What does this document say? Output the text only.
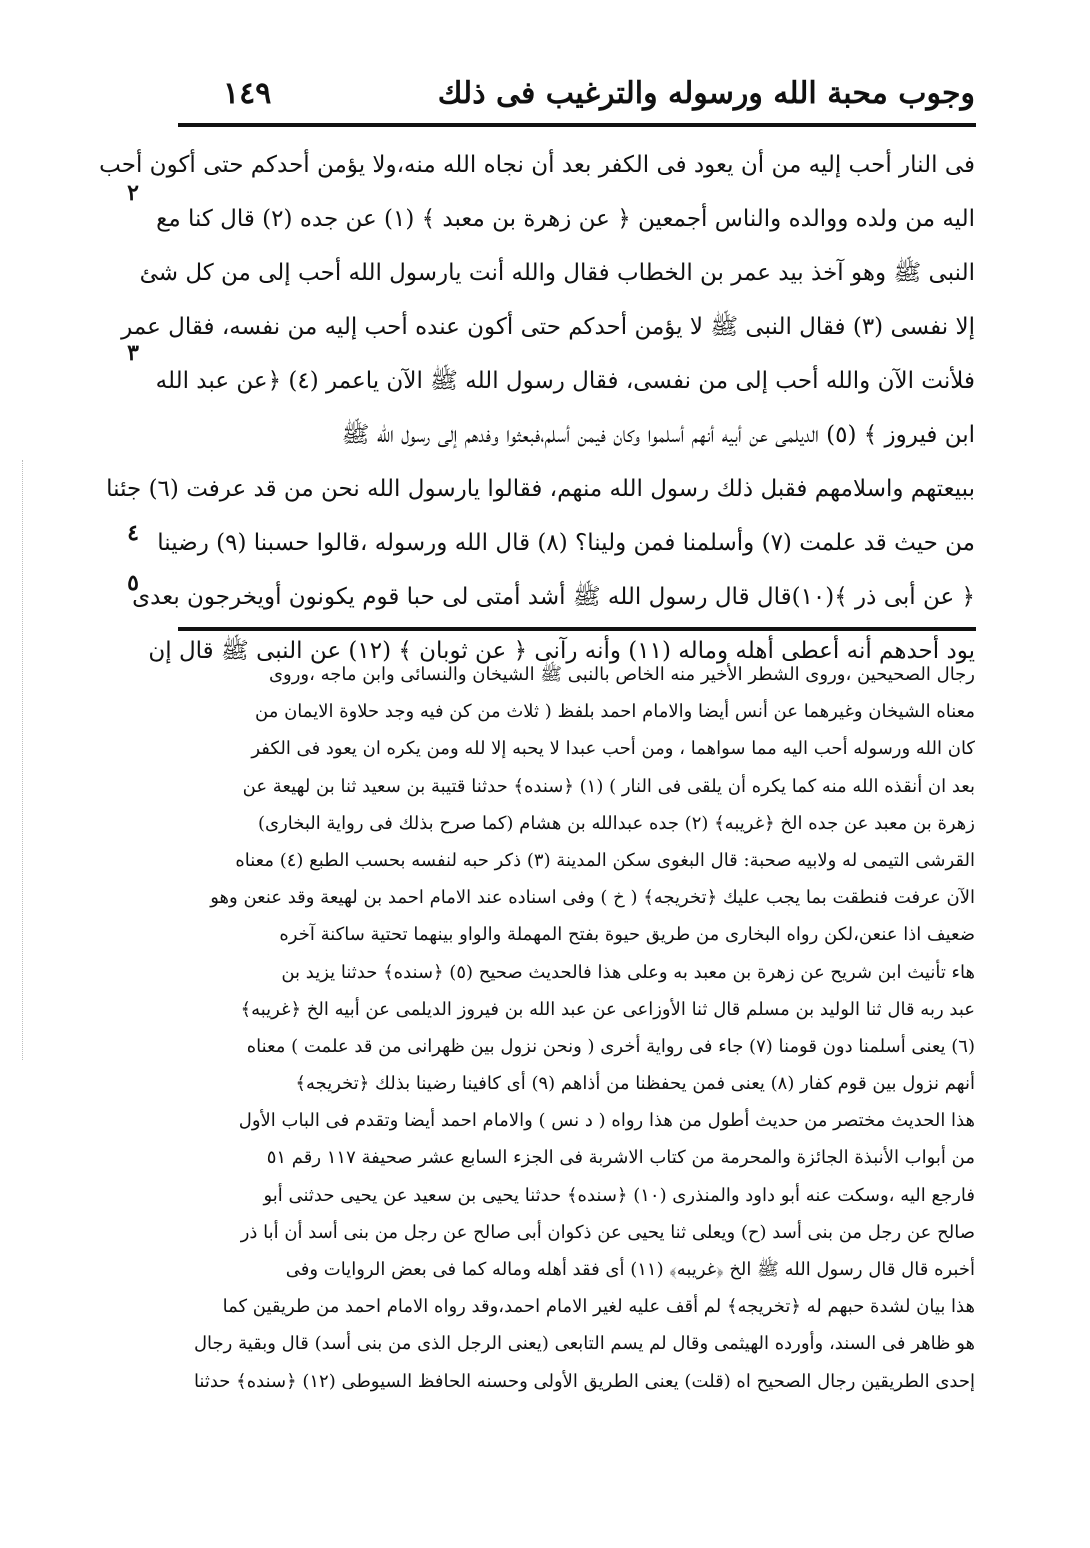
وجوب محبة الله ورسوله والترغيب فى ذلك
١٤٩
٢
٣
٤
٥
فى النار أحب إليه من أن يعود فى الكفر بعد أن نجاه الله منه،ولا يؤمن أحدكم حتى أكون أحب
اليه من ولده ووالده والناس أجمعين ﴿ عن زهرة بن معبد ﴾ (١) عن جده (٢) قال كنا مع
النبى ﷺ وهو آخذ بيد عمر بن الخطاب فقال والله أنت يارسول الله أحب إلى من كل شئ
إلا نفسى (٣) فقال النبى ﷺ لا يؤمن أحدكم حتى أكون عنده أحب إليه من نفسه، فقال عمر
فلأنت الآن والله أحب إلى من نفسى، فقال رسول الله ﷺ الآن ياعمر (٤) ﴿عن عبد الله
ابن فيروز ﴾ (٥) الديلمى عن أبيه أنهم أسلموا وكان فيمن أسلم،فبعثوا وفدهم إلى رسول الله ﷺ
ببيعتهم واسلامهم فقبل ذلك رسول الله منهم، فقالوا يارسول الله نحن من قد عرفت (٦) جئنا
من حيث قد علمت (٧) وأسلمنا فمن ولينا؟ (٨) قال الله ورسوله ،قالوا حسبنا (٩) رضينا
﴿ عن أبى ذر ﴾(١٠)قال قال رسول الله ﷺ أشد أمتى لى حبا قوم يكونون أويخرجون بعدى
يود أحدهم أنه أعطى أهله وماله (١١) وأنه رآنى ﴿ عن ثوبان ﴾ (١٢) عن النبى ﷺ قال إن
رجال الصحيحين ،وروى الشطر الأخير منه الخاص بالنبى ﷺ الشيخان والنسائى وابن ماجه ،وروى
معناه الشيخان وغيرهما عن أنس أيضا والامام احمد بلفظ ( ثلاث من كن فيه وجد حلاوة الايمان من
كان الله ورسوله أحب اليه مما سواهما ، ومن أحب عبدا لا يحبه إلا لله ومن يكره ان يعود فى الكفر
بعد ان أنقذه الله منه كما يكره أن يلقى فى النار ) (١) ﴿سنده﴾ حدثنا قتيبة بن سعيد ثنا بن لهيعة عن
زهرة بن معبد عن جده الخ ﴿غريبه﴾ (٢) جده عبدالله بن هشام (كما صرح بذلك فى رواية البخارى)
القرشى التيمى له ولابيه صحبة: قال البغوى سكن المدينة (٣) ذكر حبه لنفسه بحسب الطبع (٤) معناه
الآن عرفت فنطقت بما يجب عليك ﴿تخريجه﴾ ( خ ) وفى اسناده عند الامام احمد بن لهيعة وقد عنعن وهو
ضعيف اذا عنعن،لكن رواه البخارى من طريق حيوة بفتح المهملة والواو بينهما تحتية ساكنة آخره
هاء تأنيث ابن شريح عن زهرة بن معبد به وعلى هذا فالحديث صحيح (٥) ﴿سنده﴾ حدثنا يزيد بن
عبد ربه قال ثنا الوليد بن مسلم قال ثنا الأوزاعى عن عبد الله بن فيروز الديلمى عن أبيه الخ ﴿غريبه﴾
(٦) يعنى أسلمنا دون قومنا (٧) جاء فى رواية أخرى ( ونحن نزول بين ظهرانى من قد علمت ) معناه
أنهم نزول بين قوم كفار (٨) يعنى فمن يحفظنا من أذاهم (٩) أى كافينا رضينا بذلك ﴿تخريجه﴾
هذا الحديث مختصر من حديث أطول من هذا رواه ( د نس ) والامام احمد أيضا وتقدم فى الباب الأول
من أبواب الأنبذة الجائزة والمحرمة من كتاب الاشربة فى الجزء السابع عشر صحيفة ١١٧ رقم ٥١
فارجع اليه ،وسكت عنه أبو داود والمنذرى (١٠) ﴿سنده﴾ حدثنا يحيى بن سعيد عن يحيى حدثنى أبو
صالح عن رجل من بنى أسد (ح) ويعلى ثنا يحيى عن ذكوان أبى صالح عن رجل من بنى أسد أن أبا ذر
أخبره قال قال رسول الله ﷺ الخ ﴿غريبه﴾ (١١) أى فقد أهله وماله كما فى بعض الروايات وفى
هذا بيان لشدة حبهم له ﴿تخريجه﴾ لم أقف عليه لغير الامام احمد،وقد رواه الامام احمد من طريقين كما
هو ظاهر فى السند، وأورده الهيثمى وقال لم يسم التابعى (يعنى الرجل الذى من بنى أسد) قال وبقية رجال
إحدى الطريقين رجال الصحيح اه (قلت) يعنى الطريق الأولى وحسنه الحافظ السيوطى (١٢) ﴿سنده﴾ حدثنا
